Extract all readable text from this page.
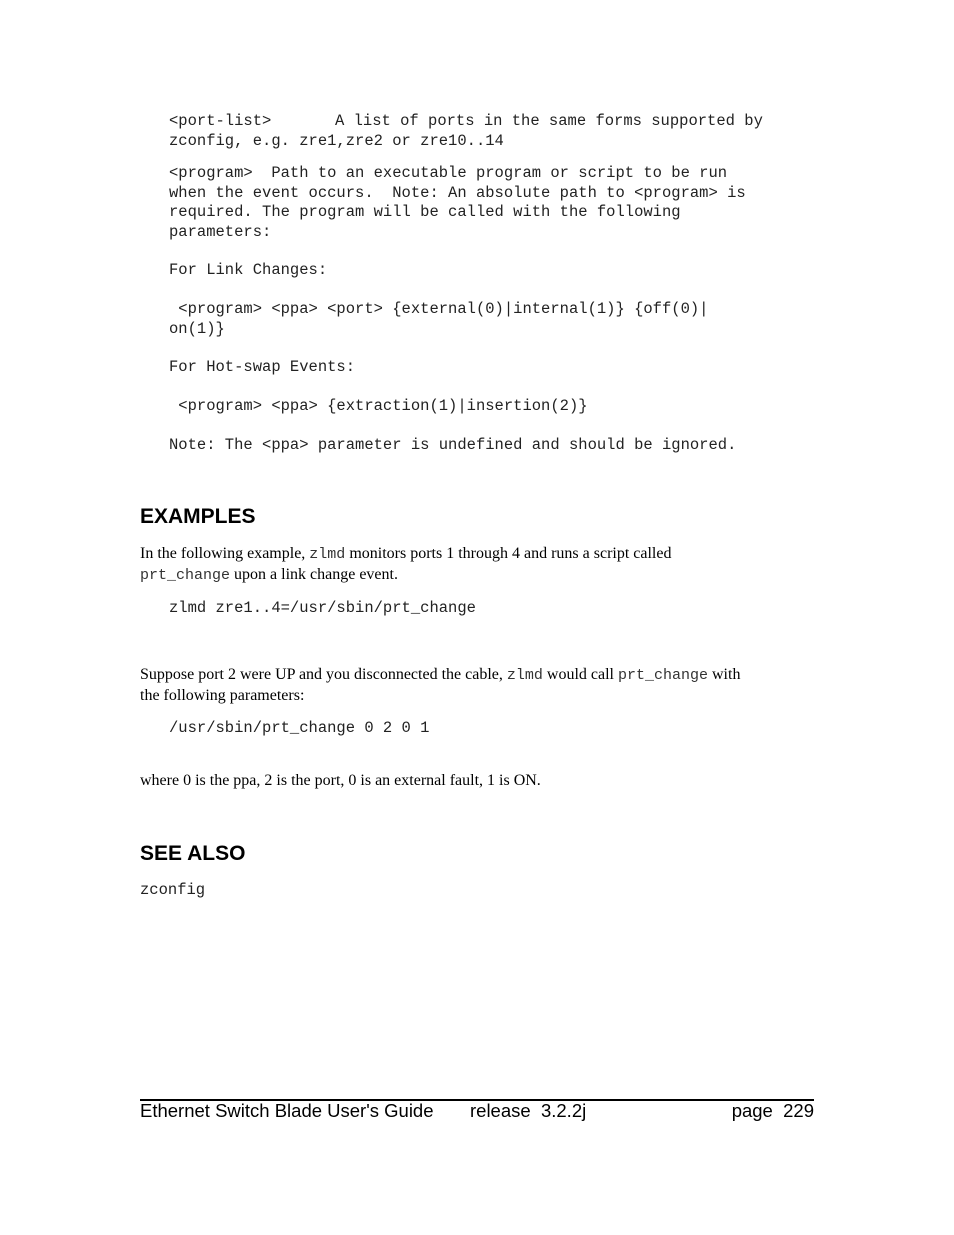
<port-list>	A list of ports in the same forms supported by

zconfig, e.g. zre1,zre2 or zre10..14

<program>  Path to an executable program or script to be run

when the event occurs.  Note: An absolute path to <program> is

required. The program will be called with the following

parameters:

For Link Changes:

<program> <ppa> <port> {external(0)|internal(1)} {off(0)|

on(1)}

For Hot-swap Events:

<program> <ppa> {extraction(1)|insertion(2)}

Note: The <ppa> parameter is undefined and should be ignored.

EXAMPLES

In the following example, zlmd monitors ports 1 through 4 and runs a script called
prt_change upon a link change event.

zlmd zre1..4=/usr/sbin/prt_change

Suppose port 2 were UP and you disconnected the cable, zlmd would call prt_change with
the following parameters:

/usr/sbin/prt_change 0 2 0 1

where 0 is the ppa, 2 is the port, 0 is an external fault, 1 is ON.

SEE ALSO

zconfig

Ethernet Switch Blade User's Guide release  3.2.2j	page  229
